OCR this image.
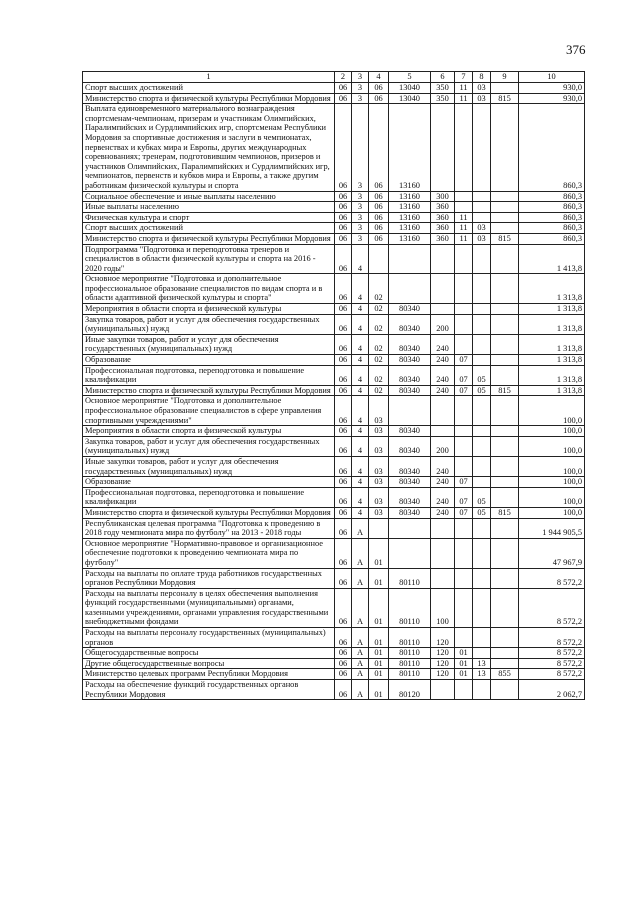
376
1	2	3	4	5	6	7	8	9	10
Спорт высших достижений	06	3	06	13040	350	11	03		930,0
Министерство спорта и физической культуры Республики Мордовия	06	3	06	13040	350	11	03	815	930,0
Выплата единовременного материального вознаграждения спортсменам-чемпионам, призерам и участникам Олимпийских, Паралимпийских и Сурдлимпийских игр, спортсменам Республики Мордовия за спортивные достижения и заслуги в чемпионатах, первенствах и кубках мира и Европы, других международных соревнованиях; тренерам, подготовившим чемпионов, призеров и участников Олимпийских, Паралимпийских и Сурдлимпийских игр, чемпионатов, первенств и кубков мира и Европы, а также другим работникам физической культуры и спорта	06	3	06	13160					860,3
Социальное обеспечение и иные выплаты населению	06	3	06	13160	300				860,3
Иные выплаты населению	06	3	06	13160	360				860,3
Физическая культура и спорт	06	3	06	13160	360	11			860,3
Спорт высших достижений	06	3	06	13160	360	11	03		860,3
Министерство спорта и физической культуры Республики Мордовия	06	3	06	13160	360	11	03	815	860,3
Подпрограмма "Подготовка и переподготовка тренеров и специалистов в области физической культуры и спорта на 2016 - 2020 годы"	06	4							1 413,8
Основное мероприятие "Подготовка и дополнительное профессиональное образование специалистов по видам спорта и в области адаптивной физической культуры и спорта"	06	4	02						1 313,8
Мероприятия в области спорта и физической культуры	06	4	02	80340					1 313,8
Закупка товаров, работ и услуг для обеспечения государственных (муниципальных) нужд	06	4	02	80340	200				1 313,8
Иные закупки товаров, работ и услуг для обеспечения государственных (муниципальных) нужд	06	4	02	80340	240				1 313,8
Образование	06	4	02	80340	240	07			1 313,8
Профессиональная подготовка, переподготовка и повышение квалификации	06	4	02	80340	240	07	05		1 313,8
Министерство спорта и физической культуры Республики Мордовия	06	4	02	80340	240	07	05	815	1 313,8
Основное мероприятие "Подготовка и дополнительное профессиональное образование специалистов в сфере управления спортивными учреждениями"	06	4	03						100,0
Мероприятия в области спорта и физической культуры	06	4	03	80340					100,0
Закупка товаров, работ и услуг для обеспечения государственных (муниципальных) нужд	06	4	03	80340	200				100,0
Иные закупки товаров, работ и услуг для обеспечения государственных (муниципальных) нужд	06	4	03	80340	240				100,0
Образование	06	4	03	80340	240	07			100,0
Профессиональная подготовка, переподготовка и повышение квалификации	06	4	03	80340	240	07	05		100,0
Министерство спорта и физической культуры Республики Мордовия	06	4	03	80340	240	07	05	815	100,0
Республиканская целевая программа "Подготовка к проведению в 2018 году чемпионата мира по футболу" на 2013 - 2018 годы	06	А							1 944 905,5
Основное мероприятие "Нормативно-правовое и организационное обеспечение подготовки к проведению чемпионата мира по футболу"	06	А	01						47 967,9
Расходы на выплаты по оплате труда работников государственных органов Республики Мордовия	06	А	01	80110					8 572,2
Расходы на выплаты персоналу в целях обеспечения выполнения функций государственными (муниципальными) органами, казенными учреждениями, органами управления государственными внебюджетными фондами	06	А	01	80110	100				8 572,2
Расходы на выплаты персоналу государственных (муниципальных) органов	06	А	01	80110	120				8 572,2
Общегосударственные вопросы	06	А	01	80110	120	01			8 572,2
Другие общегосударственные вопросы	06	А	01	80110	120	01	13		8 572,2
Министерство целевых программ Республики Мордовия	06	А	01	80110	120	01	13	855	8 572,2
Расходы на обеспечение функций государственных органов Республики Мордовия	06	А	01	80120					2 062,7
